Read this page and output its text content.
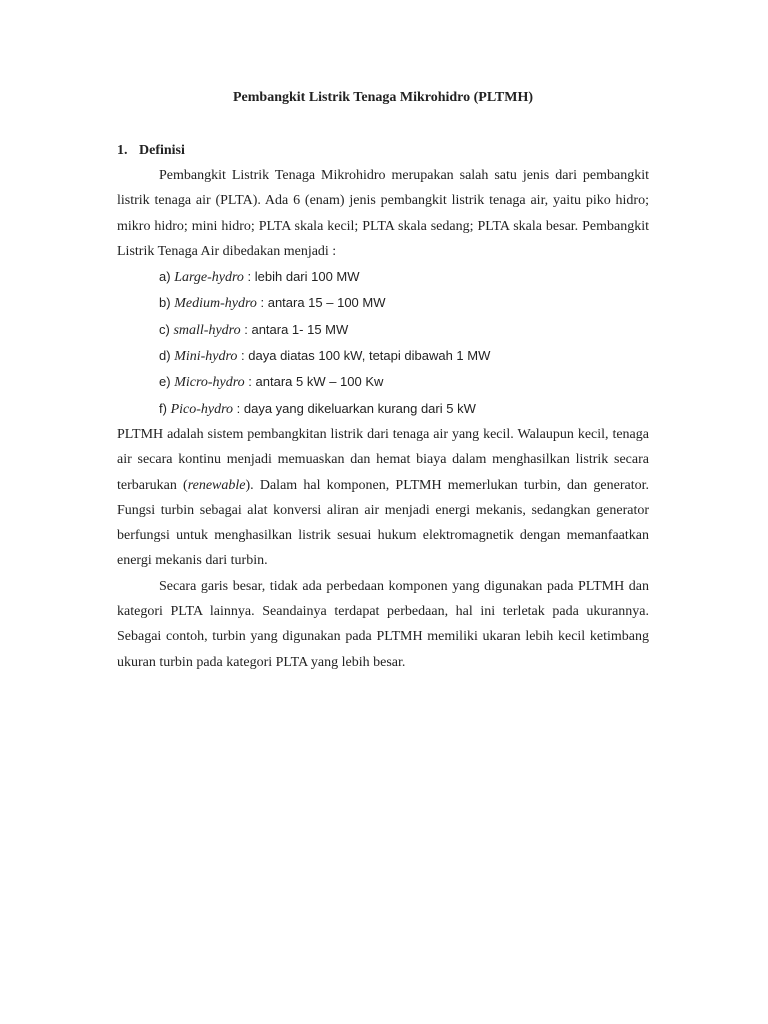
Pembangkit Listrik Tenaga Mikrohidro (PLTMH)
1. Definisi

Pembangkit Listrik Tenaga Mikrohidro merupakan salah satu jenis dari pembangkit listrik tenaga air (PLTA). Ada 6 (enam) jenis pembangkit listrik tenaga air, yaitu piko hidro; mikro hidro; mini hidro; PLTA skala kecil; PLTA skala sedang; PLTA skala besar. Pembangkit Listrik Tenaga Air dibedakan menjadi :

a) Large-hydro : lebih dari 100 MW
b) Medium-hydro : antara 15 – 100 MW
c) small-hydro : antara 1- 15 MW
d) Mini-hydro : daya diatas 100 kW, tetapi dibawah 1 MW
e) Micro-hydro : antara 5 kW – 100 Kw
f) Pico-hydro : daya yang dikeluarkan kurang dari 5 kW

PLTMH adalah sistem pembangkitan listrik dari tenaga air yang kecil. Walaupun kecil, tenaga air secara kontinu menjadi memuaskan dan hemat biaya dalam menghasilkan listrik secara terbarukan (renewable). Dalam hal komponen, PLTMH memerlukan turbin, dan generator. Fungsi turbin sebagai alat konversi aliran air menjadi energi mekanis, sedangkan generator berfungsi untuk menghasilkan listrik sesuai hukum elektromagnetik dengan memanfaatkan energi mekanis dari turbin.

Secara garis besar, tidak ada perbedaan komponen yang digunakan pada PLTMH dan kategori PLTA lainnya. Seandainya terdapat perbedaan, hal ini terletak pada ukurannya. Sebagai contoh, turbin yang digunakan pada PLTMH memiliki ukaran lebih kecil ketimbang ukuran turbin pada kategori PLTA yang lebih besar.
